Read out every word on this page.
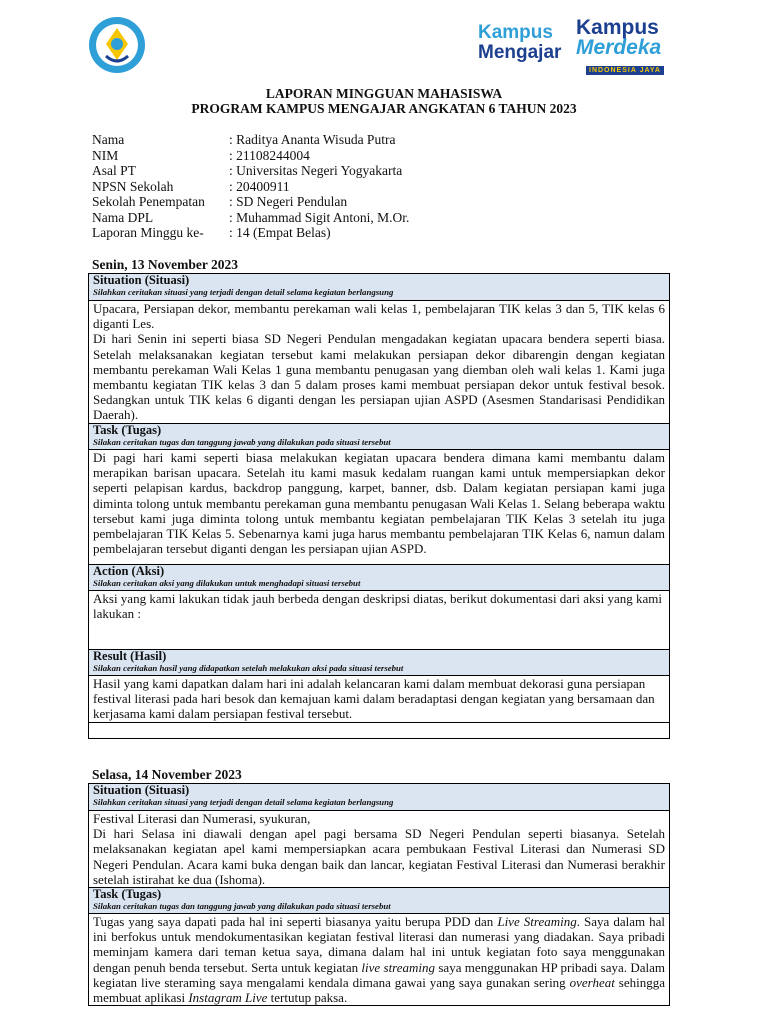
Kampus
Mengajar
Kampus
Merdeka
INDONESIA JAYA
LAPORAN MINGGUAN MAHASISWA
PROGRAM KAMPUS MENGAJAR ANGKATAN 6 TAHUN 2023
Nama	: Raditya Ananta Wisuda Putra
NIM	: 21108244004
Asal PT	: Universitas Negeri Yogyakarta
NPSN Sekolah	: 20400911
Sekolah Penempatan	: SD Negeri Pendulan
Nama DPL	: Muhammad Sigit Antoni, M.Or.
Laporan Minggu ke-	: 14 (Empat Belas)
Senin, 13 November 2023
Situation (Situasi)
Silahkan ceritakan situasi yang terjadi dengan detail selama kegiatan berlangsung

Upacara, Persiapan dekor, membantu perekaman wali kelas 1, pembelajaran TIK kelas 3 dan 5, TIK kelas 6 diganti Les.

Di hari Senin ini seperti biasa SD Negeri Pendulan mengadakan kegiatan upacara bendera seperti biasa. Setelah melaksanakan kegiatan tersebut kami melakukan persiapan dekor dibarengin dengan kegiatan membantu perekaman Wali Kelas 1 guna membantu penugasan yang diemban oleh wali kelas 1. Kami juga membantu kegiatan TIK kelas 3 dan 5 dalam proses kami membuat persiapan dekor untuk festival besok. Sedangkan untuk TIK kelas 6 diganti dengan les persiapan ujian ASPD (Asesmen Standarisasi Pendidikan Daerah).

Task (Tugas)
Silakan ceritakan tugas dan tanggung jawab yang dilakukan pada situasi tersebut

Di pagi hari kami seperti biasa melakukan kegiatan upacara bendera dimana kami membantu dalam merapikan barisan upacara. Setelah itu kami masuk kedalam ruangan kami untuk mempersiapkan dekor seperti pelapisan kardus, backdrop panggung, karpet, banner, dsb. Dalam kegiatan persiapan kami juga diminta tolong untuk membantu perekaman guna membantu penugasan Wali Kelas 1. Selang beberapa waktu tersebut kami juga diminta tolong untuk membantu kegiatan pembelajaran TIK Kelas 3 setelah itu juga pembelajaran TIK Kelas 5. Sebenarnya kami juga harus membantu pembelajaran TIK Kelas 6, namun dalam pembelajaran tersebut diganti dengan les persiapan ujian ASPD.

Action (Aksi)
Silakan ceritakan aksi yang dilakukan untuk menghadapi situasi tersebut

Aksi yang kami lakukan tidak jauh berbeda dengan deskripsi diatas, berikut dokumentasi dari aksi yang kami lakukan :

Result (Hasil)
Silakan ceritakan hasil yang didapatkan setelah melakukan aksi pada situasi tersebut

Hasil yang kami dapatkan dalam hari ini adalah kelancaran kami dalam membuat dekorasi guna persiapan festival literasi pada hari besok dan kemajuan kami dalam beradaptasi dengan kegiatan yang bersamaan dan kerjasama kami dalam persiapan festival tersebut.

Selasa, 14 November 2023
Situation (Situasi)
Silahkan ceritakan situasi yang terjadi dengan detail selama kegiatan berlangsung

Festival Literasi dan Numerasi, syukuran,

Di hari Selasa ini diawali dengan apel pagi bersama SD Negeri Pendulan seperti biasanya. Setelah melaksanakan kegiatan apel kami mempersiapkan acara pembukaan Festival Literasi dan Numerasi SD Negeri Pendulan. Acara kami buka dengan baik dan lancar, kegiatan Festival Literasi dan Numerasi berakhir setelah istirahat ke dua (Ishoma).

Task (Tugas)
Silakan ceritakan tugas dan tanggung jawab yang dilakukan pada situasi tersebut

Tugas yang saya dapati pada hal ini seperti biasanya yaitu berupa PDD dan Live Streaming. Saya dalam hal ini berfokus untuk mendokumentasikan kegiatan festival literasi dan numerasi yang diadakan. Saya pribadi meminjam kamera dari teman ketua saya, dimana dalam hal ini untuk kegiatan foto saya menggunakan dengan penuh benda tersebut. Serta untuk kegiatan live streaming saya menggunakan HP pribadi saya. Dalam kegiatan live steraming saya mengalami kendala dimana gawai yang saya gunakan sering overheat sehingga membuat aplikasi Instagram Live tertutup paksa.
